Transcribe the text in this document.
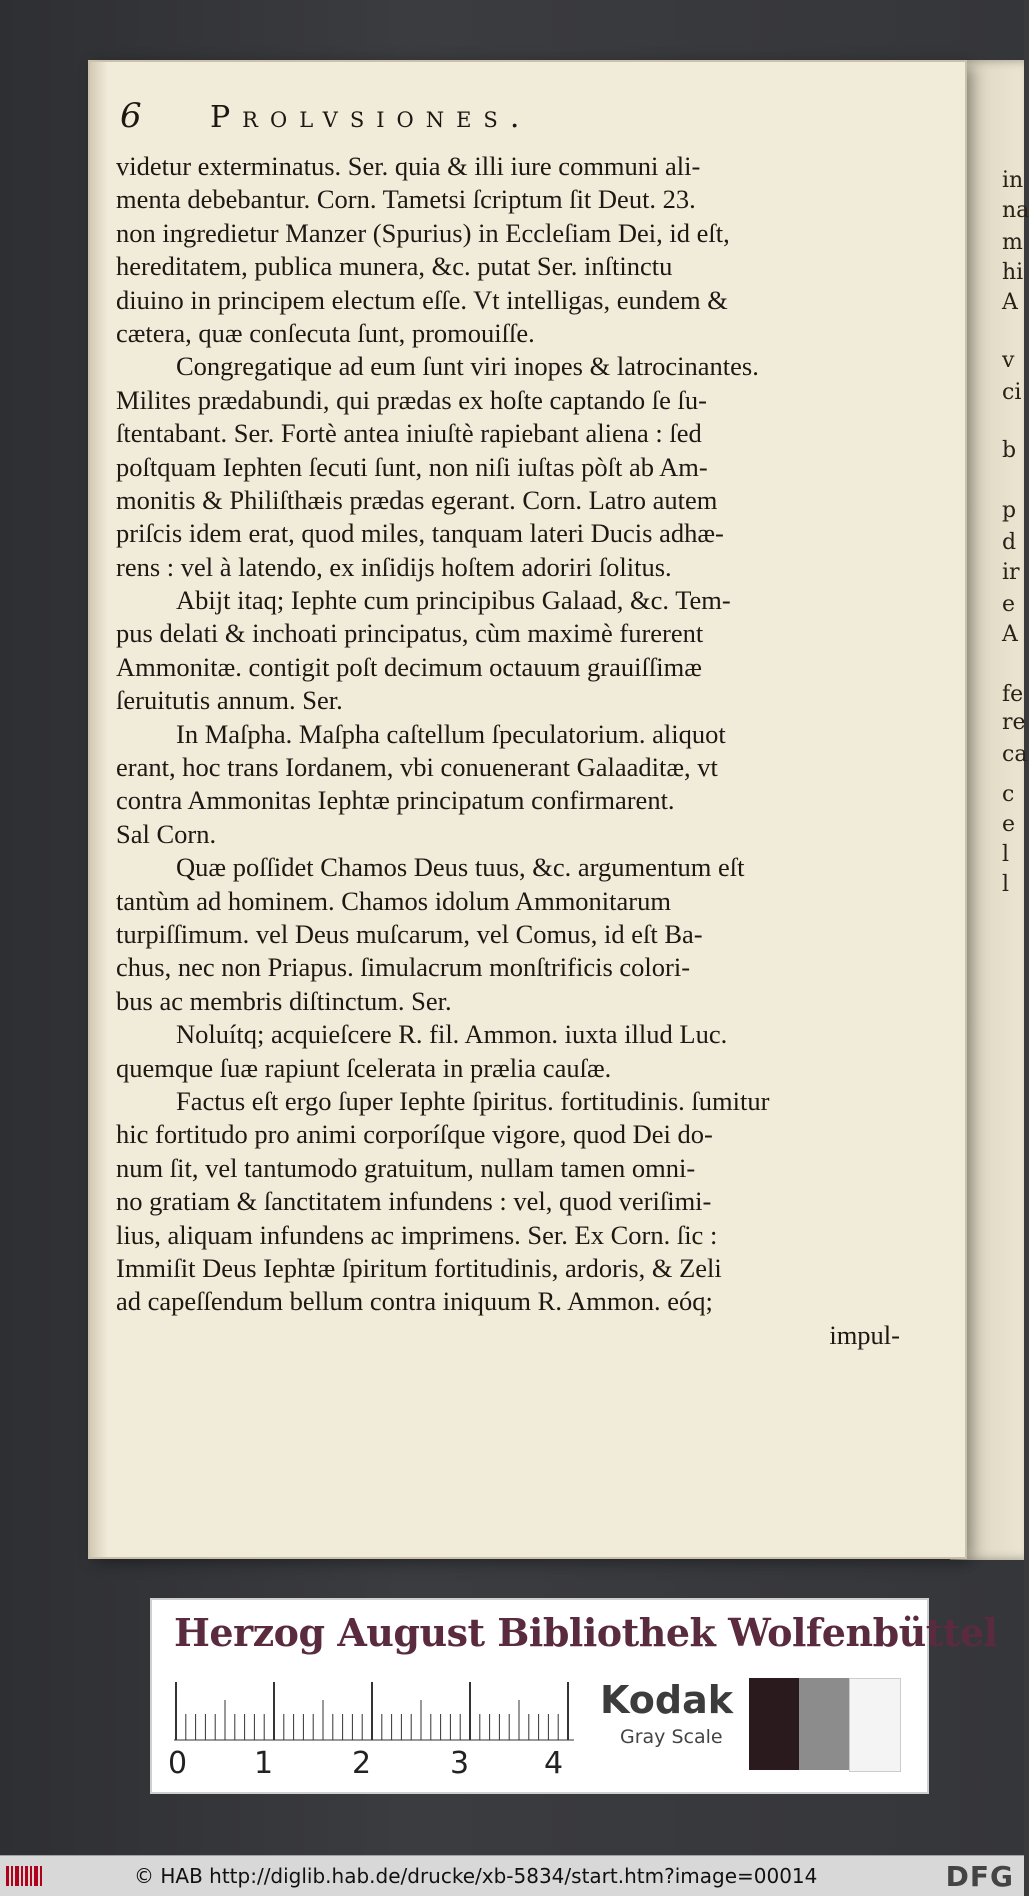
in
na
m
hi
A
v
ci
b
p
d
ir
e
A
fe
re
ca
c
e
l
l
6 Prolvsiones.
videtur exterminatus. Ser. quia & illi iure communi ali-
menta debebantur. Corn. Tametsi ſcriptum ſit Deut. 23.
non ingredietur Manzer (Spurius) in Eccleſiam Dei, id eſt,
hereditatem, publica munera, &c. putat Ser. inſtinctu
diuino in principem electum eſſe. Vt intelligas, eundem &
cætera, quæ conſecuta ſunt, promouiſſe.
Congregatique ad eum ſunt viri inopes & latrocinantes.
Milites prædabundi, qui prædas ex hoſte captando ſe ſu-
ſtentabant. Ser. Fortè antea iniuſtè rapiebant aliena : ſed
poſtquam Iephten ſecuti ſunt, non niſi iuſtas pòſt ab Am-
monitis & Philiſthæis prædas egerant. Corn. Latro autem
priſcis idem erat, quod miles, tanquam lateri Ducis adhæ-
rens : vel à latendo, ex inſidijs hoſtem adoriri ſolitus.
Abijt itaq; Iephte cum principibus Galaad, &c. Tem-
pus delati & inchoati principatus, cùm maximè furerent
Ammonitæ. contigit poſt decimum octauum grauiſſimæ
ſeruitutis annum. Ser.
In Maſpha. Maſpha caſtellum ſpeculatorium. aliquot
erant, hoc trans Iordanem, vbi conuenerant Galaaditæ, vt
contra Ammonitas Iephtæ principatum confirmarent.
Sal Corn.
Quæ poſſidet Chamos Deus tuus, &c. argumentum eſt
tantùm ad hominem. Chamos idolum Ammonitarum
turpiſſimum. vel Deus muſcarum, vel Comus, id eſt Ba-
chus, nec non Priapus. ſimulacrum monſtrificis colori-
bus ac membris diſtinctum. Ser.
Noluítq; acquieſcere R. fil. Ammon. iuxta illud Luc.
quemque ſuæ rapiunt ſcelerata in prælia cauſæ.
Factus eſt ergo ſuper Iephte ſpiritus. fortitudinis. ſumitur
hic fortitudo pro animi corporíſque vigore, quod Dei do-
num ſit, vel tantumodo gratuitum, nullam tamen omni-
no gratiam & ſanctitatem infundens : vel, quod veriſimi-
lius, aliquam infundens ac imprimens. Ser. Ex Corn. ſic :
Immiſit Deus Iephtæ ſpiritum fortitudinis, ardoris, & Zeli
ad capeſſendum bellum contra iniquum R. Ammon. eóq;
impul-
Herzog August Bibliothek Wolfenbüttel
0 1	2	3 4
Kodak
Gray Scale
© HAB http://diglib.hab.de/drucke/xb-5834/start.htm?image=00014	DFG
